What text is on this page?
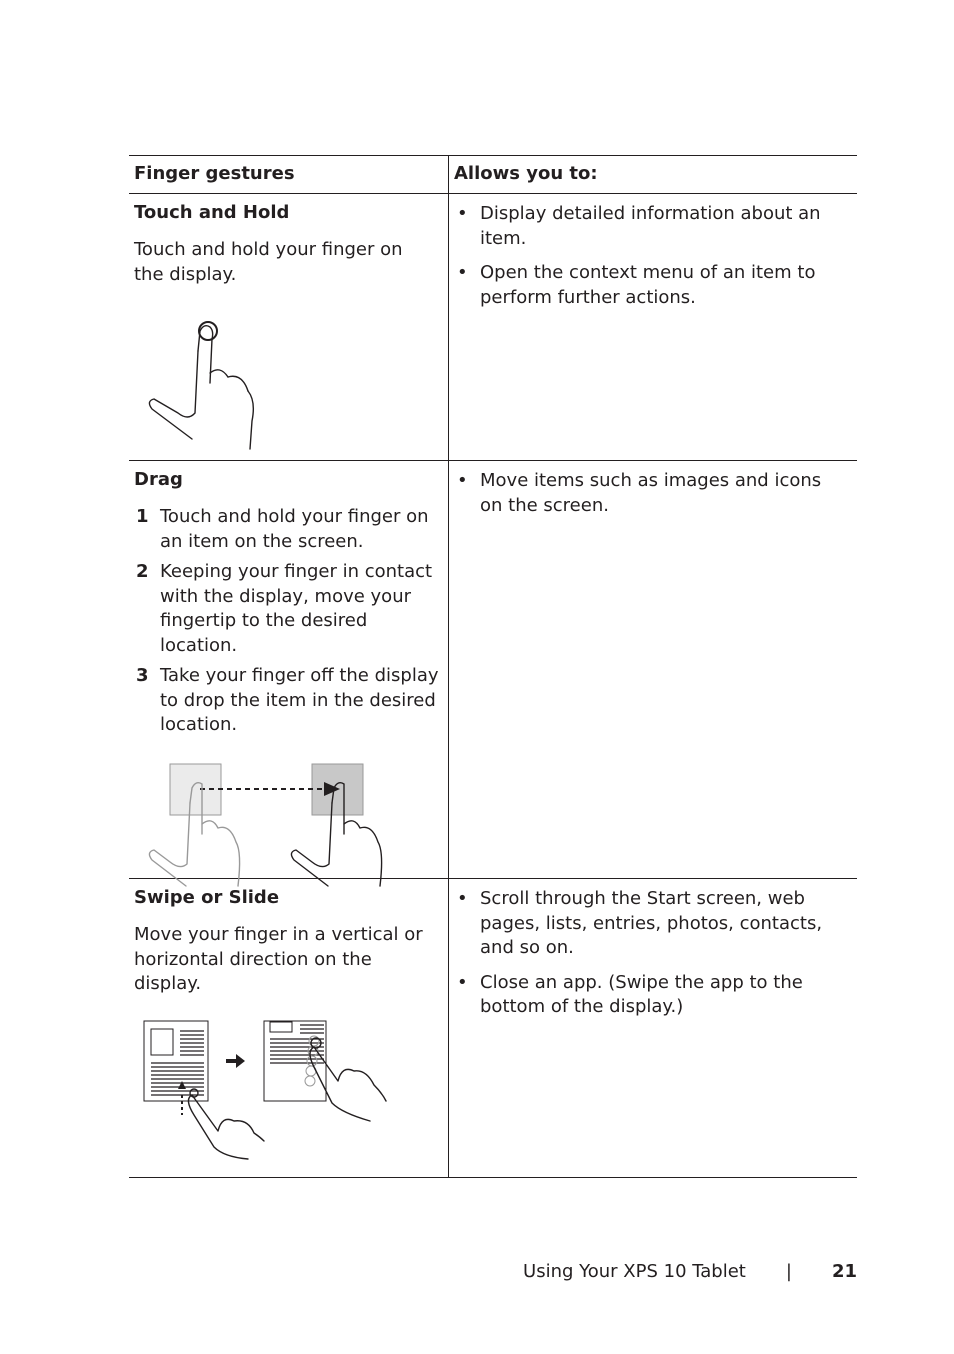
Finger gestures	Allows you to:
Touch and Hold
Touch and hold your finger on the display.
• Display detailed information about an item.
• Open the context menu of an item to perform further actions.
Drag
1 Touch and hold your finger on an item on the screen.
2 Keeping your finger in contact with the display, move your fingertip to the desired location.
3 Take your finger off the display to drop the item in the desired location.
• Move items such as images and icons on the screen.
Swipe or Slide
Move your finger in a vertical or horizontal direction on the display.
• Scroll through the Start screen, web pages, lists, entries, photos, contacts, and so on.
• Close an app. (Swipe the app to the bottom of the display.)
Using Your XPS 10 Tablet | 21
